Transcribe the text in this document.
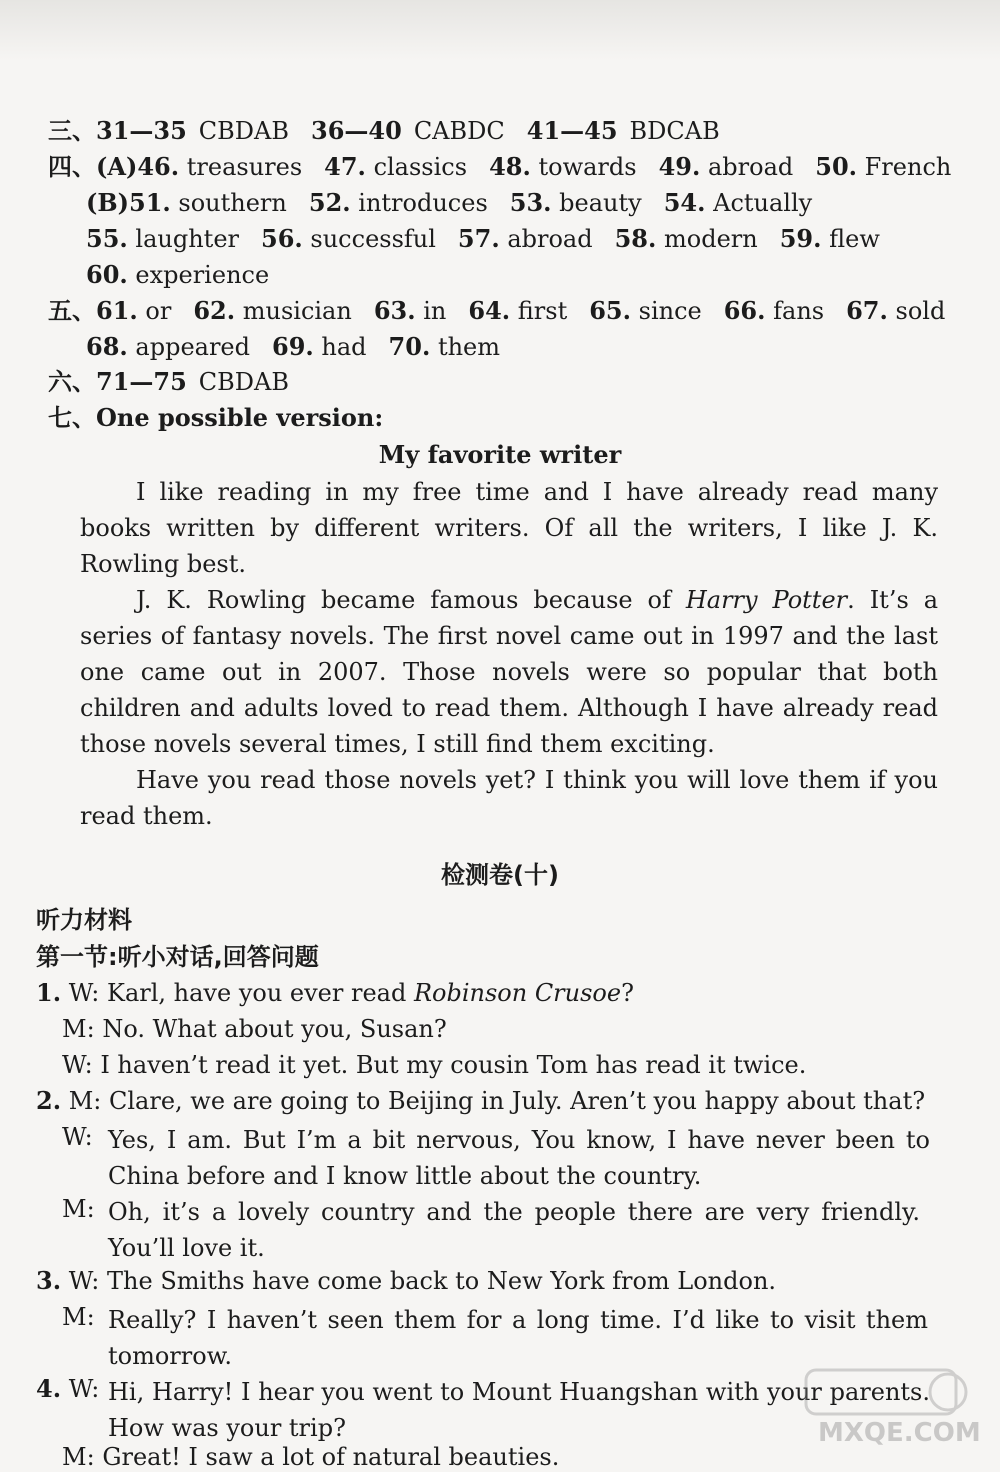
三、31—35 CBDAB 36—40 CABDC 41—45 BDCAB
四、(A)46. treasures 47. classics 48. towards 49. abroad 50. French
(B)51. southern 52. introduces 53. beauty 54. Actually
55. laughter 56. successful 57. abroad 58. modern 59. flew
60. experience
五、61. or 62. musician 63. in 64. first 65. since 66. fans 67. sold
68. appeared 69. had 70. them
六、71—75 CBDAB
七、One possible version:
My favorite writer
I like reading in my free time and I have already read many books written by different writers. Of all the writers, I like J. K. Rowling best.
J. K. Rowling became famous because of Harry Potter. It’s a series of fantasy novels. The first novel came out in 1997 and the last one came out in 2007. Those novels were so popular that both children and adults loved to read them. Although I have already read those novels several times, I still find them exciting.
Have you read those novels yet? I think you will love them if you read them.
检测卷(十)
听力材料
第一节:听小对话,回答问题
1. W: Karl, have you ever read Robinson Crusoe?
M: No. What about you, Susan?
W: I haven’t read it yet. But my cousin Tom has read it twice.
2. M: Clare, we are going to Beijing in July. Aren’t you happy about that?
W: Yes, I am. But I’m a bit nervous, You know, I have never been to China before and I know little about the country.
M: Oh, it’s a lovely country and the people there are very friendly. You’ll love it.
3. W: The Smiths have come back to New York from London.
M: Really? I haven’t seen them for a long time. I’d like to visit them tomorrow.
4. W: Hi, Harry! I hear you went to Mount Huangshan with your parents. How was your trip?
M: Great! I saw a lot of natural beauties.
MXQE.COM
